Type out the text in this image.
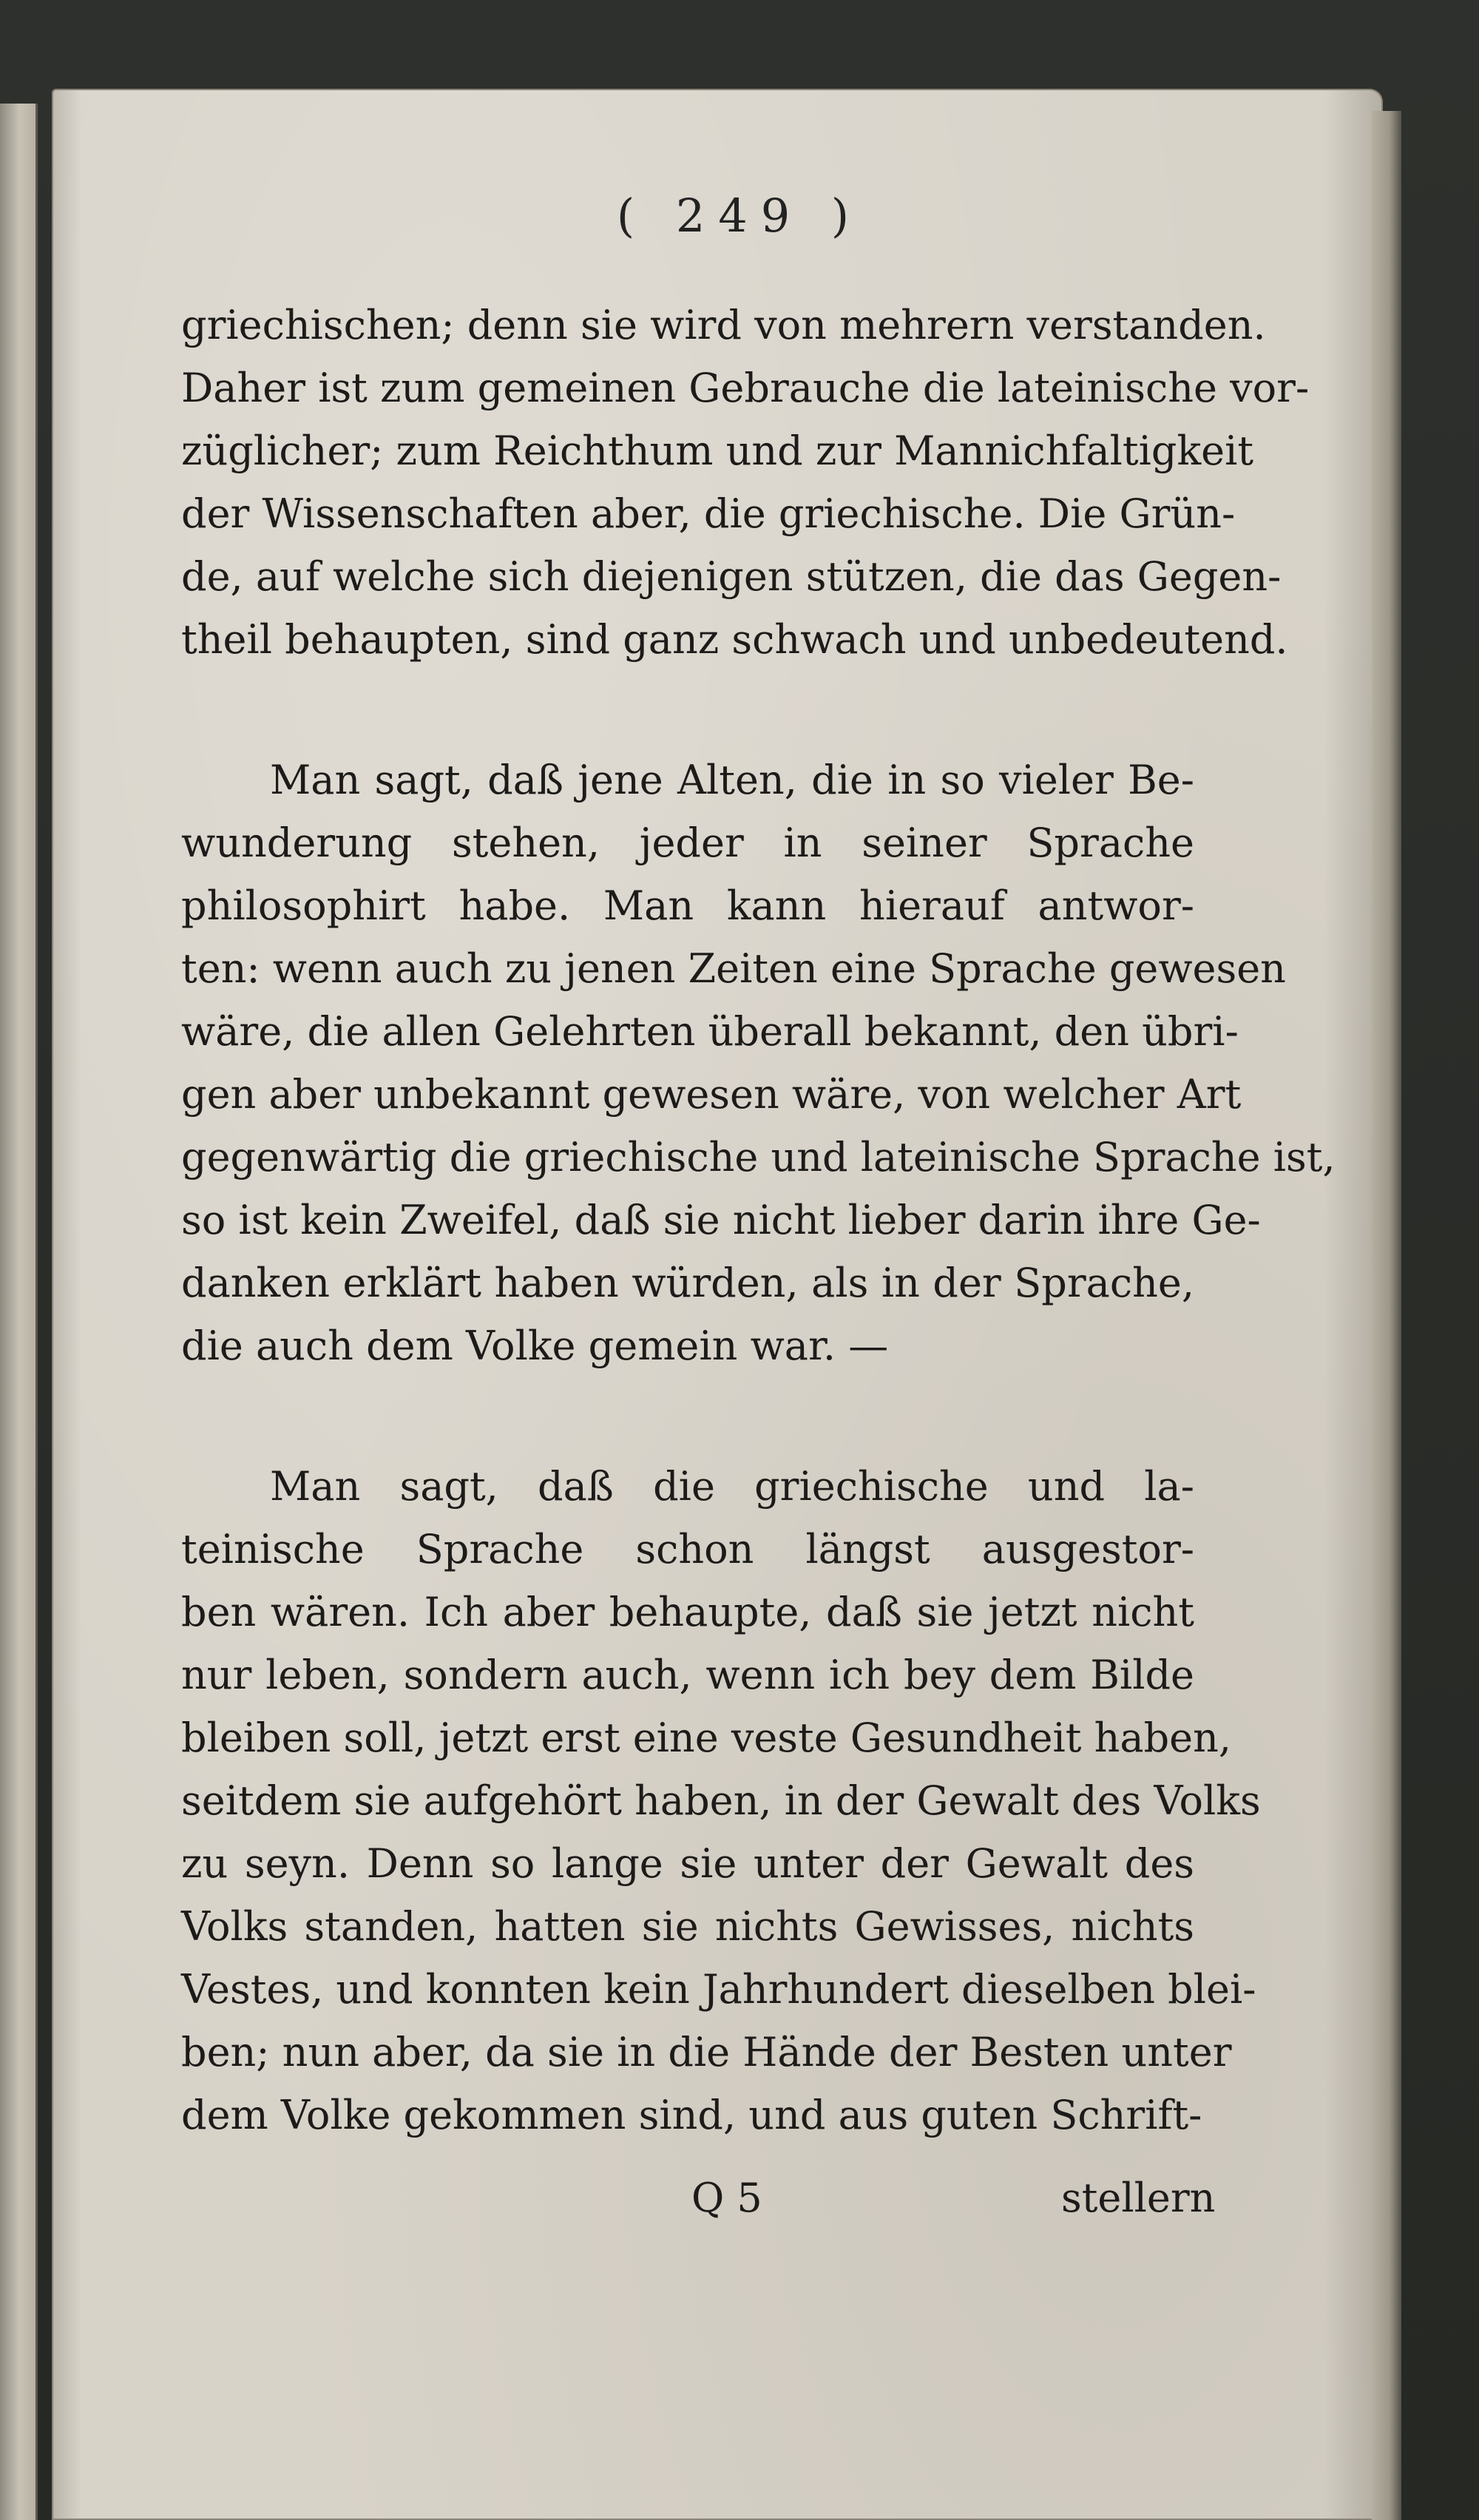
( 249 )
griechischen; denn sie wird von mehrern verstanden.
Daher ist zum gemeinen Gebrauche die lateinische vor-
züglicher; zum Reichthum und zur Mannichfaltigkeit
der Wissenschaften aber, die griechische. Die Grün-
de, auf welche sich diejenigen stützen, die das Gegen-
theil behaupten, sind ganz schwach und unbedeutend.
Man sagt, daß jene Alten, die in so vieler Be-
wunderung stehen, jeder in seiner Sprache
philosophirt habe. Man kann hierauf antwor-
ten: wenn auch zu jenen Zeiten eine Sprache gewesen
wäre, die allen Gelehrten überall bekannt, den übri-
gen aber unbekannt gewesen wäre, von welcher Art
gegenwärtig die griechische und lateinische Sprache ist,
so ist kein Zweifel, daß sie nicht lieber darin ihre Ge-
danken erklärt haben würden, als in der Sprache,
die auch dem Volke gemein war. —
Man sagt, daß die griechische und la-
teinische Sprache schon längst ausgestor-
ben wären. Ich aber behaupte, daß sie jetzt nicht
nur leben, sondern auch, wenn ich bey dem Bilde
bleiben soll, jetzt erst eine veste Gesundheit haben,
seitdem sie aufgehört haben, in der Gewalt des Volks
zu seyn. Denn so lange sie unter der Gewalt des
Volks standen, hatten sie nichts Gewisses, nichts
Vestes, und konnten kein Jahrhundert dieselben blei-
ben; nun aber, da sie in die Hände der Besten unter
dem Volke gekommen sind, und aus guten Schrift-
Q 5	stellern
